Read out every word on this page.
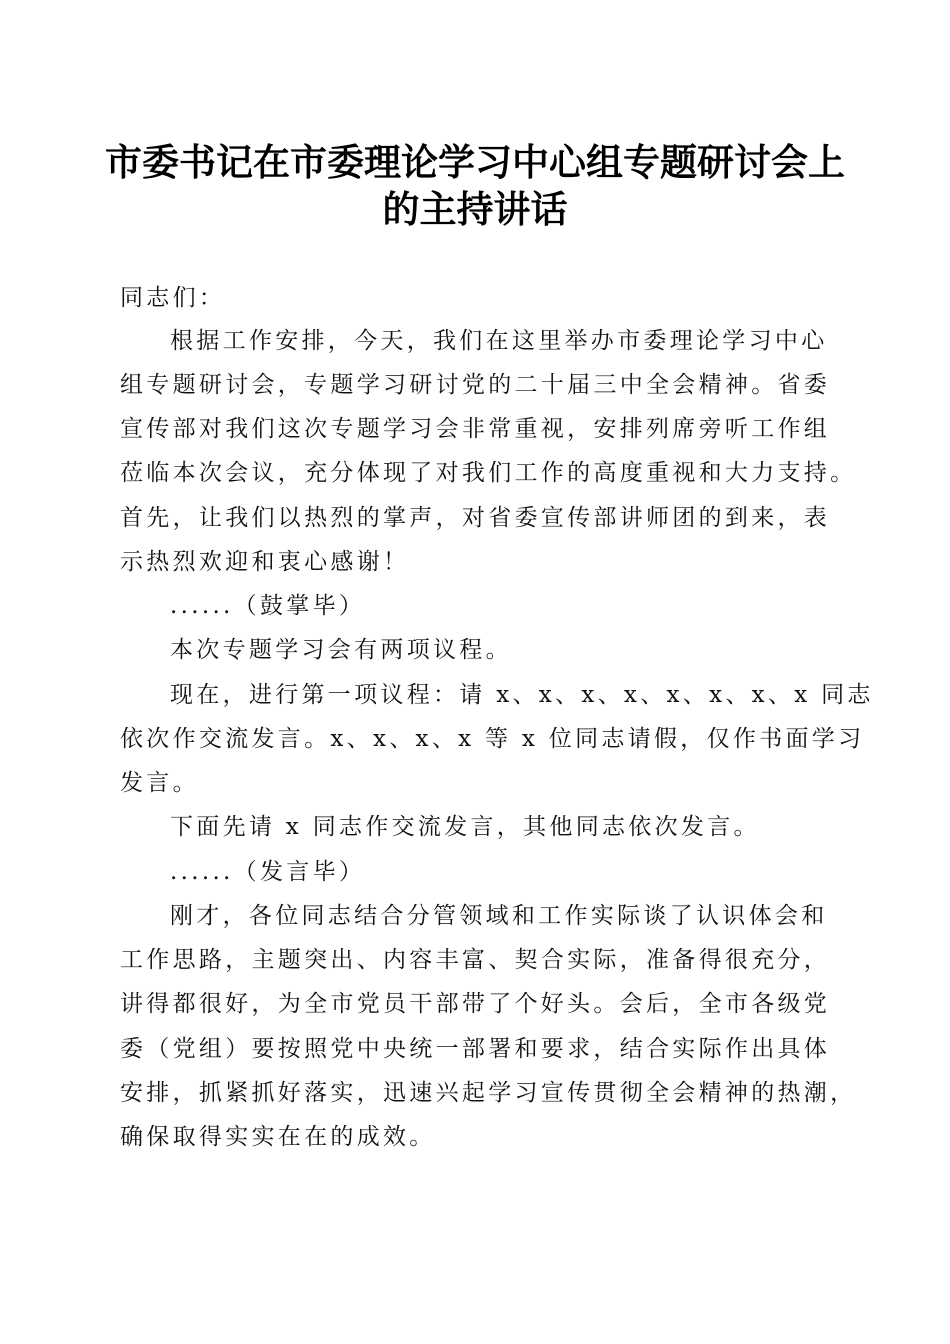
市委书记在市委理论学习中心组专题研讨会上
的主持讲话

同志们：

根据工作安排，今天，我们在这里举办市委理论学习中心

组专题研讨会，专题学习研讨党的二十届三中全会精神。省委

宣传部对我们这次专题学习会非常重视，安排列席旁听工作组

莅临本次会议，充分体现了对我们工作的高度重视和大力支持。

首先，让我们以热烈的掌声，对省委宣传部讲师团的到来，表

示热烈欢迎和衷心感谢！

......（鼓掌毕）

本次专题学习会有两项议程。

现在，进行第一项议程：请 x、x、x、x、x、x、x、x 同志

依次作交流发言。x、x、x、x 等 x 位同志请假，仅作书面学习

发言。

下面先请 x 同志作交流发言，其他同志依次发言。

......（发言毕）

刚才，各位同志结合分管领域和工作实际谈了认识体会和

工作思路，主题突出、内容丰富、契合实际，准备得很充分，

讲得都很好，为全市党员干部带了个好头。会后，全市各级党

委（党组）要按照党中央统一部署和要求，结合实际作出具体

安排，抓紧抓好落实，迅速兴起学习宣传贯彻全会精神的热潮，

确保取得实实在在的成效。
